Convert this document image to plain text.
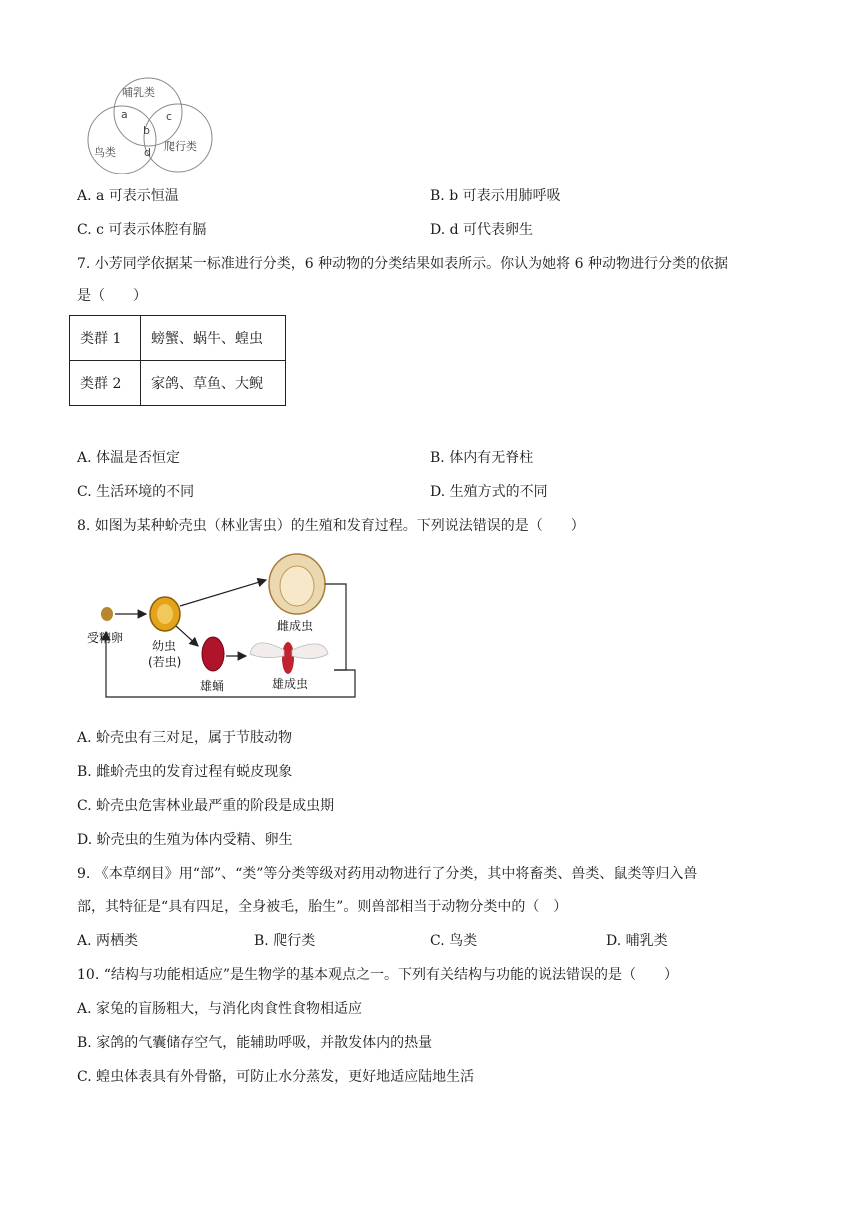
哺乳类
a	c
b
d
鸟类	爬行类
A. a 可表示恒温	B. b 可表示用肺呼吸
C. c 可表示体腔有膈	D. d 可代表卵生
7. 小芳同学依据某一标准进行分类，6 种动物的分类结果如表所示。你认为她将 6 种动物进行分类的依据
是（　　）
类群 1	螃蟹、蜗牛、蝗虫
类群 2	家鸽、草鱼、大鲵
A. 体温是否恒定	B. 体内有无脊柱
C. 生活环境的不同	D. 生殖方式的不同
8. 如图为某种蚧壳虫（林业害虫）的生殖和发育过程。下列说法错误的是（　　）
受精卵
幼虫
(若虫)
雌成虫
雄蛹	雄成虫
A. 蚧壳虫有三对足，属于节肢动物
B. 雌蚧壳虫的发育过程有蜕皮现象
C. 蚧壳虫危害林业最严重的阶段是成虫期
D. 蚧壳虫的生殖为体内受精、卵生
9. 《本草纲目》用“部”、“类”等分类等级对药用动物进行了分类，其中将畜类、兽类、鼠类等归入兽
部，其特征是“具有四足，全身被毛，胎生”。则兽部相当于动物分类中的（　）
A. 两栖类	B. 爬行类	C. 鸟类	D. 哺乳类
10. “结构与功能相适应”是生物学的基本观点之一。下列有关结构与功能的说法错误的是（　　）
A. 家兔的盲肠粗大，与消化肉食性食物相适应
B. 家鸽的气囊储存空气，能辅助呼吸，并散发体内的热量
C. 蝗虫体表具有外骨骼，可防止水分蒸发，更好地适应陆地生活
